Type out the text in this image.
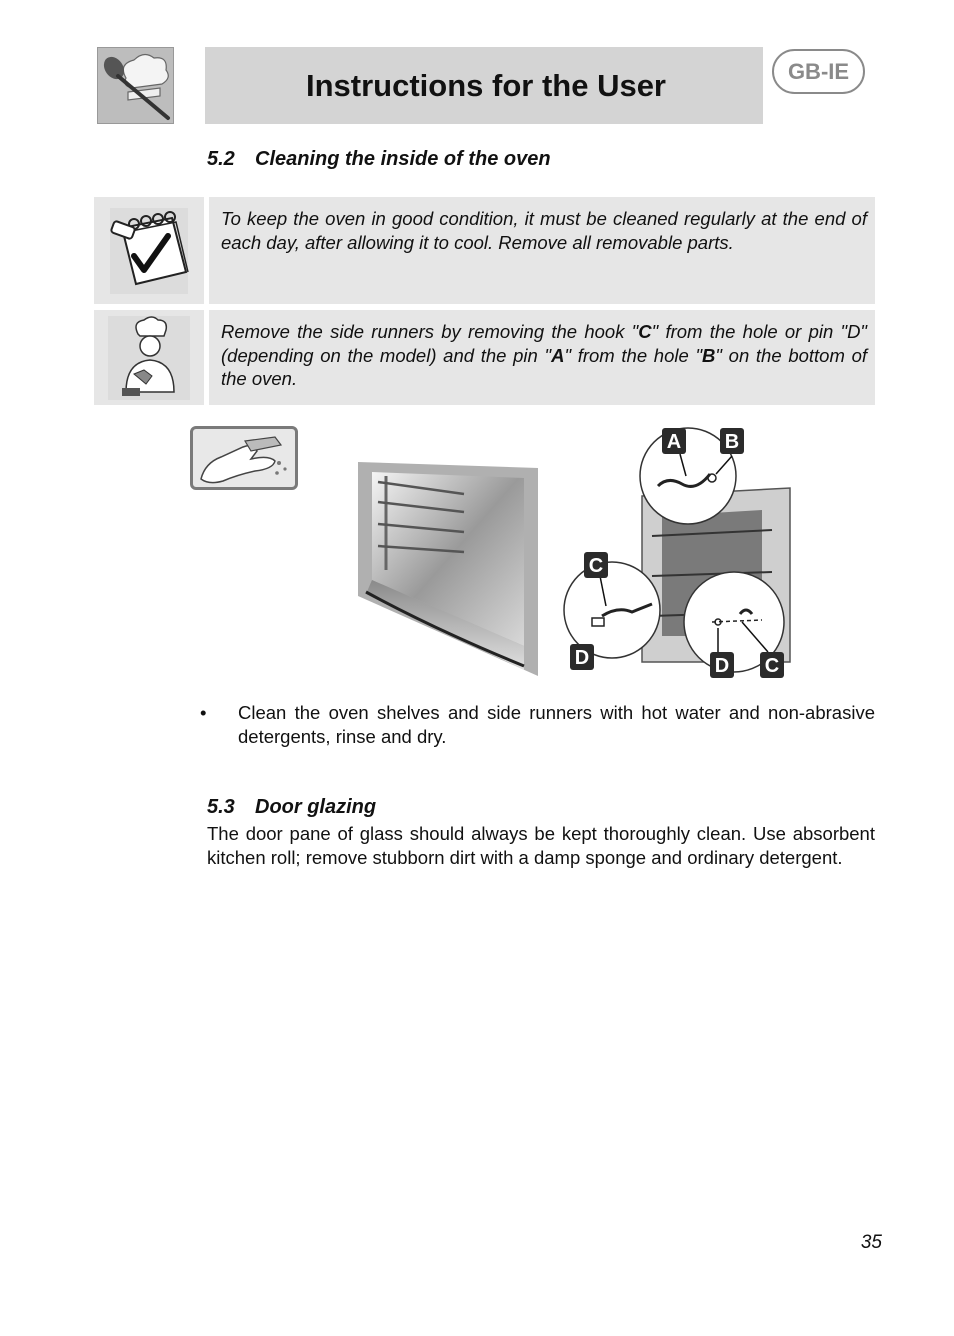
Instructions for the User	GB-IE
5.2 Cleaning the inside of the oven
To keep the oven in good condition, it must be cleaned regularly at the end of each day, after allowing it to cool. Remove all removable parts.
Remove the side runners by removing the hook "C" from the hole or pin "D" (depending on the model) and the pin "A" from the hole "B" on the bottom of the oven.
A B
C
D	D C
•	Clean the oven shelves and side runners with hot water and non-abrasive detergents, rinse and dry.
5.3 Door glazing
The door pane of glass should always be kept thoroughly clean. Use absorbent kitchen roll; remove stubborn dirt with a damp sponge and ordinary detergent.
35
